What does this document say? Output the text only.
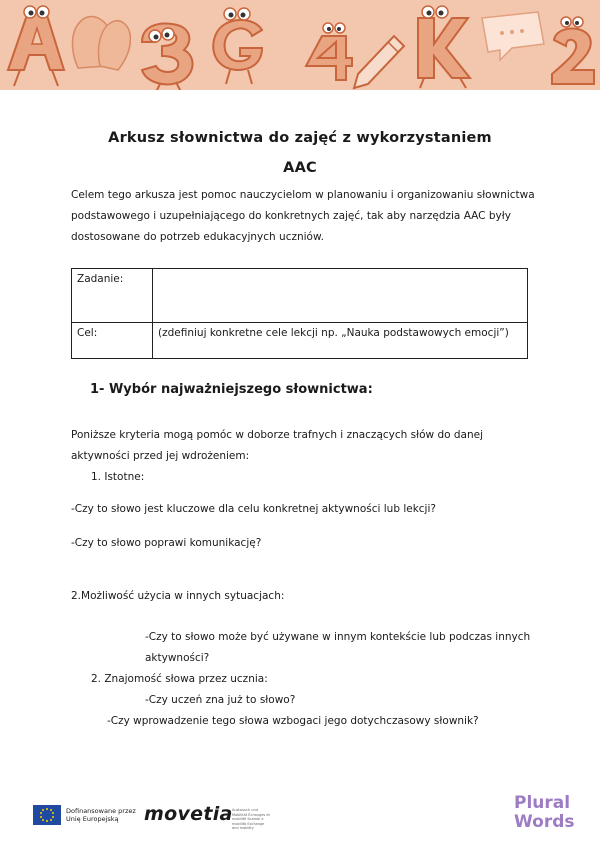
Arkusz słownictwa do zajęć z wykorzystaniem
AAC
Celem tego arkusza jest pomoc nauczycielom w planowaniu i organizowaniu słownictwa
podstawowego i uzupełniającego do konkretnych zajęć, tak aby narzędzia AAC były
dostosowane do potrzeb edukacyjnych uczniów.
Zadanie:	
Cel:	(zdefiniuj konkretne cele lekcji np. „Nauka podstawowych emocji”)
1- Wybór najważniejszego słownictwa:
Poniższe kryteria mogą pomóc w doborze trafnych i znaczących słów do danej
aktywności przed jej wdrożeniem:
1. Istotne:
-Czy to słowo jest kluczowe dla celu konkretnej aktywności lub lekcji?
-Czy to słowo poprawi komunikację?
2.Możliwość użycia w innych sytuacjach:
-Czy to słowo może być używane w innym kontekście lub podczas innych
aktywności?
2. Znajomość słowa przez ucznia:
-Czy uczeń zna już to słowo?
-Czy wprowadzenie tego słowa wzbogaci jego dotychczasowy słownik?
Dofinansowane przez
Unię Europejską	movetia Austausch und Mobilität Échanges et mobilité Scambi e mobilità Exchange and mobility
Plural
Words
